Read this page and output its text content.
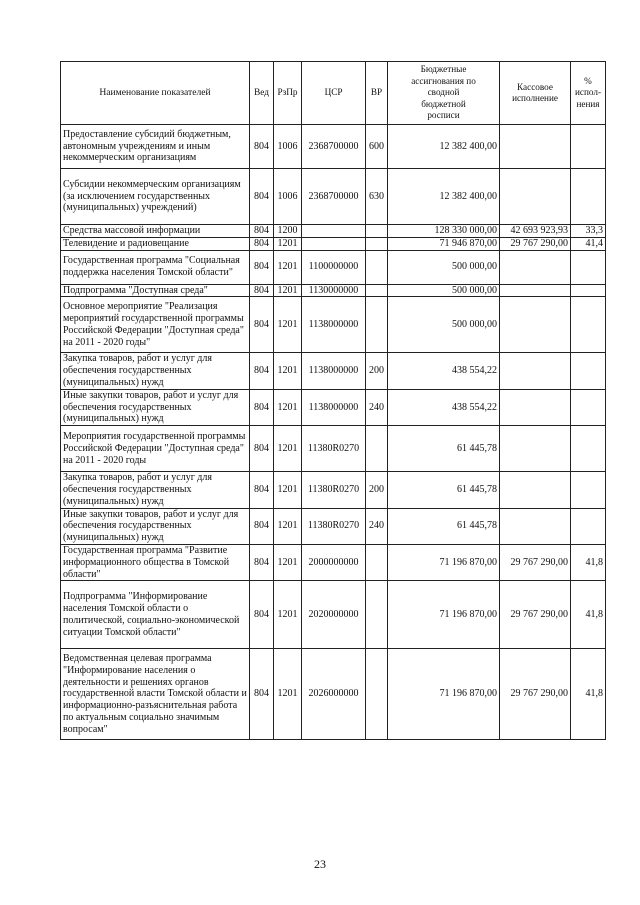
Наименование показателей	Вед	РзПр	ЦСР	ВР	Бюджетные ассигнования по сводной бюджетной росписи	Кассовое исполнение	% испол-нения
Предоставление субсидий бюджетным, автономным учреждениям и иным некоммерческим организациям	804	1006	2368700000	600	12 382 400,00		
Субсидии некоммерческим организациям (за исключением государственных (муниципальных) учреждений)	804	1006	2368700000	630	12 382 400,00		
Средства массовой информации	804	1200			128 330 000,00	42 693 923,93	33,3
Телевидение и радиовещание	804	1201			71 946 870,00	29 767 290,00	41,4
Государственная программа "Социальная поддержка населения Томской области"	804	1201	1100000000		500 000,00		
Подпрограмма "Доступная среда"	804	1201	1130000000		500 000,00		
Основное мероприятие "Реализация мероприятий государственной программы Российской Федерации "Доступная среда" на 2011 - 2020 годы"	804	1201	1138000000		500 000,00		
Закупка товаров, работ и услуг для обеспечения государственных (муниципальных) нужд	804	1201	1138000000	200	438 554,22		
Иные закупки товаров, работ и услуг для обеспечения государственных (муниципальных) нужд	804	1201	1138000000	240	438 554,22		
Мероприятия государственной программы Российской Федерации "Доступная среда" на 2011 - 2020 годы	804	1201	11380R0270		61 445,78		
Закупка товаров, работ и услуг для обеспечения государственных (муниципальных) нужд	804	1201	11380R0270	200	61 445,78		
Иные закупки товаров, работ и услуг для обеспечения государственных (муниципальных) нужд	804	1201	11380R0270	240	61 445,78		
Государственная программа "Развитие информационного общества в Томской области"	804	1201	2000000000		71 196 870,00	29 767 290,00	41,8
Подпрограмма "Информирование населения Томской области о политической, социально-экономической ситуации Томской области"	804	1201	2020000000		71 196 870,00	29 767 290,00	41,8
Ведомственная целевая программа "Информирование населения о деятельности и решениях органов государственной власти Томской области и информационно-разъяснительная работа по актуальным социально значимым вопросам"	804	1201	2026000000		71 196 870,00	29 767 290,00	41,8
23
